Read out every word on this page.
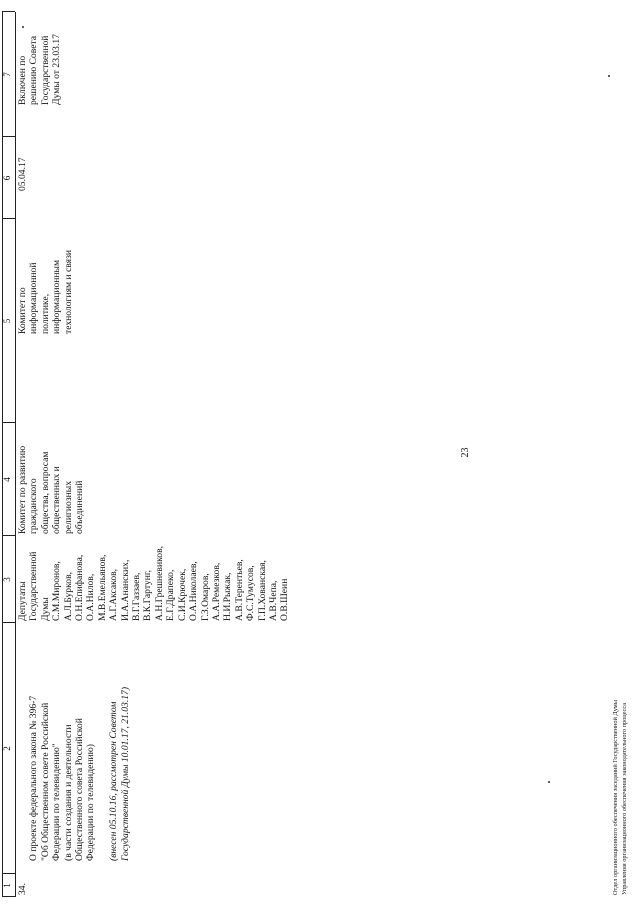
1
2
3
4
5
6
7
34.

О проекте федерального закона № 396-7
"Об Общественном совете Российской
Федерации по телевидению"
(в части создания и деятельности
Общественного совета Российской
Федерации по телевидению)

(внесен 05.10.16, рассмотрен Советом
Государственной Думы 10.01.17, 21.03.17)

Депутаты
Государственной
Думы
С.М.Миронов,
А.Л.Бурков,
О.Н.Епифанова,
О.А.Нилов,
М.В.Емельянов,
А.Г.Аксаков,
И.А.Ананских,
В.Г.Газзаев,
В.К.Гартунг,
А.Н.Грешневиков,
Е.Г.Драпеко,
С.И.Крючек,
О.А.Николаев,
Г.З.Омаров,
А.А.Ремезков,
Н.И.Рыжак,
А.В.Терентьев,
Ф.С.Тумусов,
Г.П.Хованская,
А.В.Чепа,
О.В.Шеин
Комитет по развитию
гражданского
общества, вопросам
общественных и
религиозных
объединений
Комитет по
информационной
политике,
информационным
технологиям и связи
05.04.17
Включен по
решению Совета
Государственной
Думы от 23.03.17
23
Отдел организационного обеспечения заседаний Государственной Думы Управления организационного обеспечения законодательного процесса
